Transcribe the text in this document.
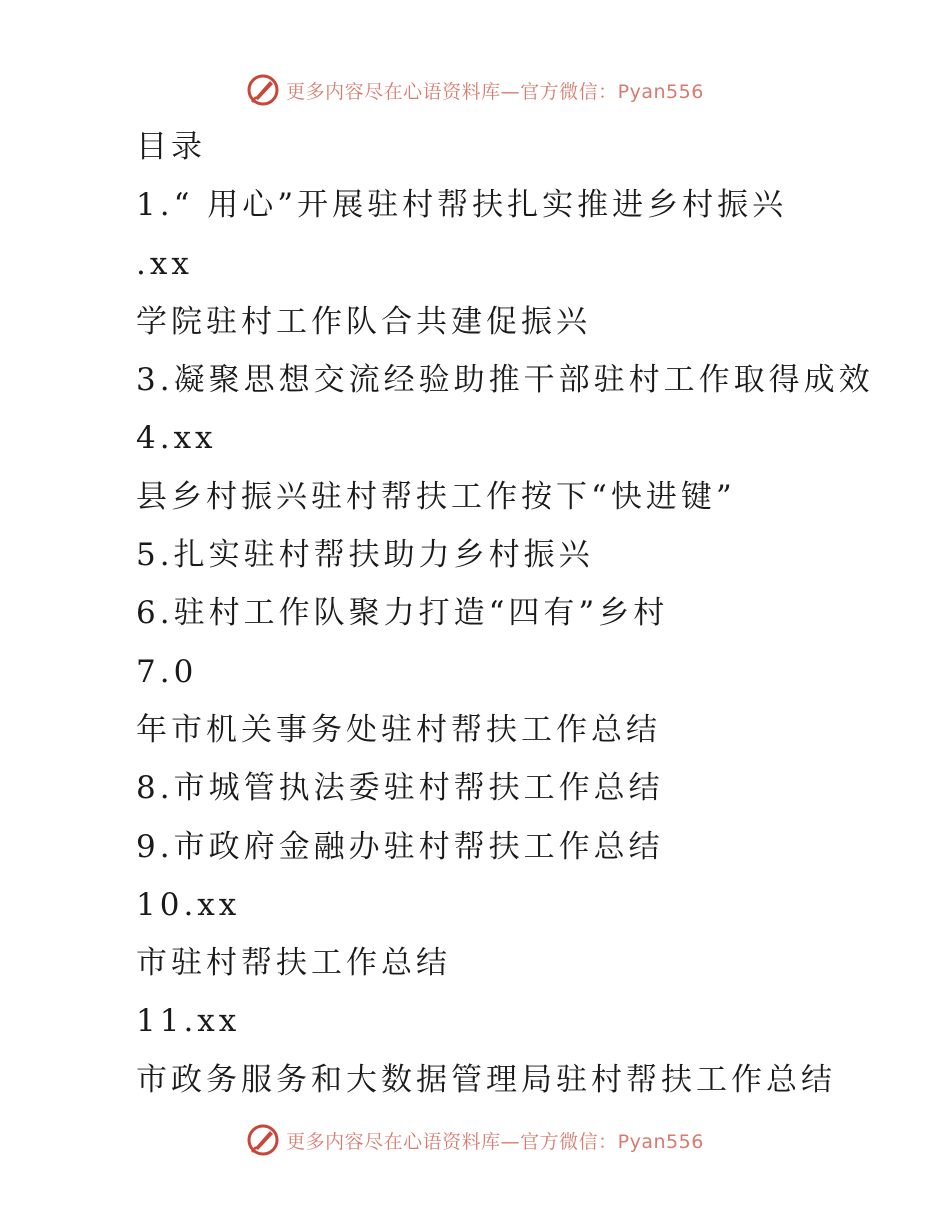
更多内容尽在心语资料库—官方微信：Pyan556
目录
1.“ 用心”开展驻村帮扶扎实推进乡村振兴
.xx
学院驻村工作队合共建促振兴
3.凝聚思想交流经验助推干部驻村工作取得成效
4.xx
县乡村振兴驻村帮扶工作按下“快进键”
5.扎实驻村帮扶助力乡村振兴
6.驻村工作队聚力打造“四有”乡村
7.0
年市机关事务处驻村帮扶工作总结
8.市城管执法委驻村帮扶工作总结
9.市政府金融办驻村帮扶工作总结
10.xx
市驻村帮扶工作总结
11.xx
市政务服务和大数据管理局驻村帮扶工作总结
更多内容尽在心语资料库—官方微信：Pyan556
